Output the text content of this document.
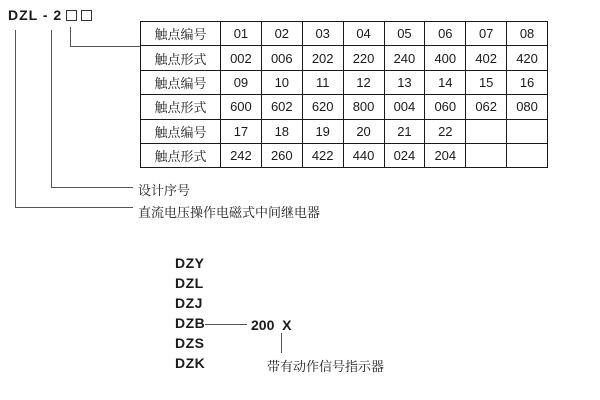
DZL - 2
触点编号	01	02	03	04	05	06	07	08
触点形式	002	006	202	220	240	400	402	420
触点编号	09	10	11	12	13	14	15	16
触点形式	600	602	620	800	004	060	062	080
触点编号	17	18	19	20	21	22		
触点形式	242	260	422	440	024	204		
设计序号
直流电压操作电磁式中间继电器
DZY
DZL
DZJ
DZB
DZS
DZK
200  X
带有动作信号指示器
